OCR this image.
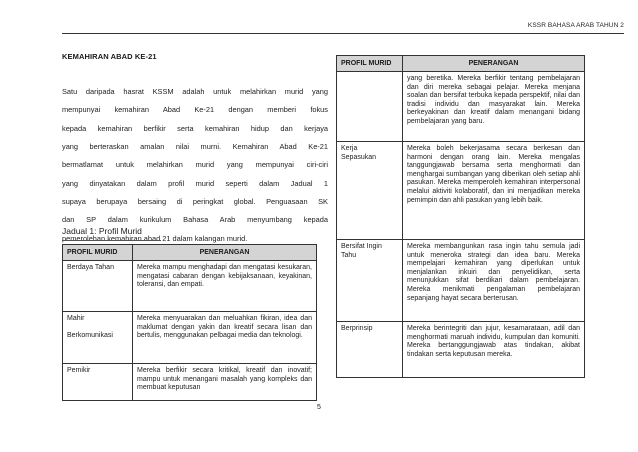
KSSR BAHASA ARAB TAHUN 2
KEMAHIRAN ABAD KE-21
Satu daripada hasrat KSSM adalah untuk melahirkan murid yang
mempunyai kemahiran Abad Ke-21 dengan memberi fokus
kepada kemahiran berfikir serta kemahiran hidup dan kerjaya
yang berteraskan amalan nilai murni. Kemahiran Abad Ke-21
bermatlamat untuk melahirkan murid yang mempunyai ciri-ciri
yang dinyatakan dalam profil murid seperti dalam Jadual 1
supaya berupaya bersaing di peringkat global. Penguasaan SK
dan SP dalam kurikulum Bahasa Arab menyumbang kepada
pemerolehan kemahiran abad 21 dalam kalangan murid.
Jadual 1: Profil Murid
PROFIL MURID	PENERANGAN
Berdaya Tahan	Mereka mampu menghadapi dan mengatasi kesukaran, mengatasi cabaran dengan kebijaksanaan, keyakinan, toleransi, dan empati.

Mahir
Berkomunikasi	Mereka menyuarakan dan meluahkan fikiran, idea dan maklumat dengan yakin dan kreatif secara lisan dan bertulis, menggunakan pelbagai media dan teknologi.
Pemikir	Mereka berfikir secara kritikal, kreatif dan inovatif; mampu untuk menangani masalah yang kompleks dan membuat keputusan
PROFIL MURID	PENERANGAN
	yang beretika. Mereka berfikir tentang pembelajaran dan diri mereka sebagai pelajar. Mereka menjana soalan dan bersifat terbuka kepada perspektif, nilai dan tradisi individu dan masyarakat lain. Mereka berkeyakinan dan kreatif dalam menangani bidang pembelajaran yang baru.

Kerja
Sepasukan	Mereka boleh bekerjasama secara berkesan dan harmoni dengan orang lain. Mereka mengalas tanggungjawab bersama serta menghormati dan menghargai sumbangan yang diberikan oleh setiap ahli pasukan. Mereka memperoleh kemahiran interpersonal melalui aktiviti kolaboratif, dan ini menjadikan mereka pemimpin dan ahli pasukan yang lebih baik.

Bersifat Ingin
Tahu	Mereka membangunkan rasa ingin tahu semula jadi untuk meneroka strategi dan idea baru. Mereka mempelajari kemahiran yang diperlukan untuk menjalankan inkuiri dan penyelidikan, serta menunjukkan sifat berdikari dalam pembelajaran. Mereka menikmati pengalaman pembelajaran sepanjang hayat secara berterusan.
Berprinsip	Mereka berintegriti dan jujur, kesamarataan, adil dan menghormati maruah individu, kumpulan dan komuniti. Mereka bertanggungjawab atas tindakan, akibat tindakan serta keputusan mereka.
5
